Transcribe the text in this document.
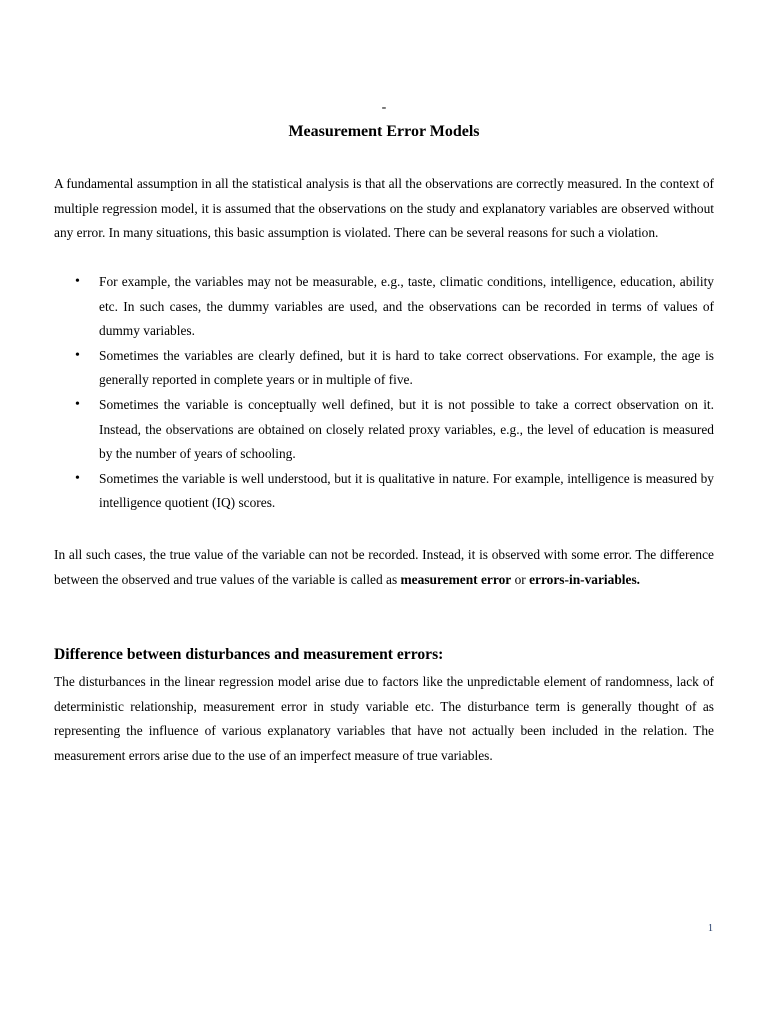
-
Measurement Error Models

A fundamental assumption in all the statistical analysis is that all the observations are correctly measured. In the context of multiple regression model, it is assumed that the observations on the study and explanatory variables are observed without any error. In many situations, this basic assumption is violated. There can be several reasons for such a violation.

• For example, the variables may not be measurable, e.g., taste, climatic conditions, intelligence, education, ability etc. In such cases, the dummy variables are used, and the observations can be recorded in terms of values of dummy variables.
• Sometimes the variables are clearly defined, but it is hard to take correct observations. For example, the age is generally reported in complete years or in multiple of five.
• Sometimes the variable is conceptually well defined, but it is not possible to take a correct observation on it. Instead, the observations are obtained on closely related proxy variables, e.g., the level of education is measured by the number of years of schooling.
• Sometimes the variable is well understood, but it is qualitative in nature. For example, intelligence is measured by intelligence quotient (IQ) scores.

In all such cases, the true value of the variable can not be recorded. Instead, it is observed with some error. The difference between the observed and true values of the variable is called as measurement error or errors-in-variables.

Difference between disturbances and measurement errors:

The disturbances in the linear regression model arise due to factors like the unpredictable element of randomness, lack of deterministic relationship, measurement error in study variable etc. The disturbance term is generally thought of as representing the influence of various explanatory variables that have not actually been included in the relation. The measurement errors arise due to the use of an imperfect measure of true variables.

1
